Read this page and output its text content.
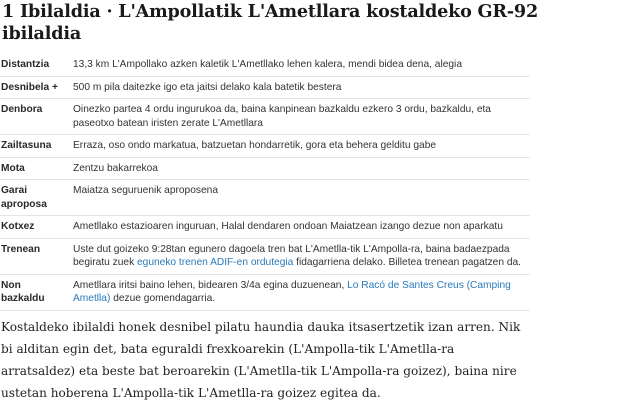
1 Ibilaldia · L'Ampollatik L'Ametllara kostaldeko GR-92 ibilaldia
Distantzia	13,3 km L'Ampollako azken kaletik L'Ametllako lehen kalera, mendi bidea dena, alegia
Desnibela +	500 m pila daitezke igo eta jaitsi delako kala batetik bestera
Denbora	Oinezko partea 4 ordu ingurukoa da, baina kanpinean bazkaldu ezkero 3 ordu, bazkaldu, eta paseotxo batean iristen zerate L'Ametllara
Zailtasuna	Erraza, oso ondo markatua, batzuetan hondarretik, gora eta behera gelditu gabe
Mota	Zentzu bakarrekoa
Garai aproposa	Maiatza seguruenik aproposena
Kotxez	Ametllako estazioaren inguruan, Halal dendaren ondoan Maiatzean izango dezue non aparkatu
Trenean	Uste dut goizeko 9:28tan egunero dagoela tren bat L'Ametlla-tik L'Ampolla-ra, baina badaezpada begiratu zuek eguneko trenen ADIF-en ordutegia fidagarriena delako. Billetea trenean pagatzen da.
Non bazkaldu	Ametllara iritsi baino lehen, bidearen 3/4a egina duzuenean, Lo Racó de Santes Creus (Camping Ametlla) dezue gomendagarria.

Kostaldeko ibilaldi honek desnibel pilatu haundia dauka itsasertzetik izan arren. Nik bi alditan egin det, bata eguraldi frexkoarekin (L'Ampolla-tik L'Ametlla-ra arratsaldez) eta beste bat beroarekin (L'Ametlla-tik L'Ampolla-ra goizez), baina nire ustetan hoberena L'Ampolla-tik L'Ametlla-ra goizez egitea da.
